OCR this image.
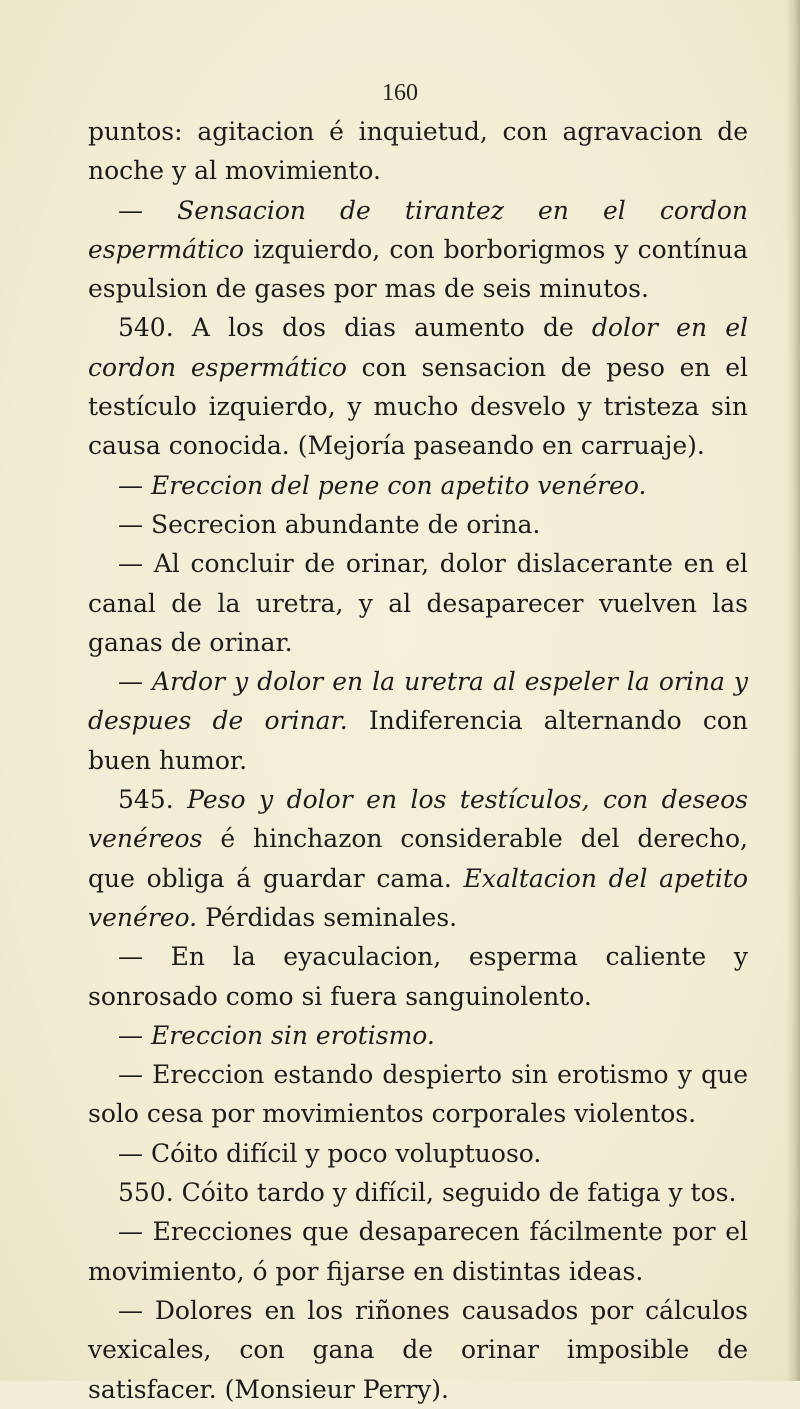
160

puntos: agitacion é inquietud, con agravacion de noche y al movimiento.

— Sensacion de tirantez en el cordon espermático izquierdo, con borborigmos y contínua espulsion de gases por mas de seis minutos.

540. A los dos dias aumento de dolor en el cordon espermático con sensacion de peso en el testículo izquierdo, y mucho desvelo y tristeza sin causa conocida. (Mejoría paseando en carruaje).

— Ereccion del pene con apetito venéreo.

— Secrecion abundante de orina.

— Al concluir de orinar, dolor dislacerante en el canal de la uretra, y al desaparecer vuelven las ganas de orinar.

— Ardor y dolor en la uretra al espeler la orina y despues de orinar. Indiferencia alternando con buen humor.

545. Peso y dolor en los testículos, con deseos venéreos é hinchazon considerable del derecho, que obliga á guardar cama. Exaltacion del apetito venéreo. Pérdidas seminales.

— En la eyaculacion, esperma caliente y sonrosado como si fuera sanguinolento.

— Ereccion sin erotismo.

— Ereccion estando despierto sin erotismo y que solo cesa por movimientos corporales violentos.

— Cóito difícil y poco voluptuoso.

550. Cóito tardo y difícil, seguido de fatiga y tos.

— Erecciones que desaparecen fácilmente por el movimiento, ó por fijarse en distintas ideas.

— Dolores en los riñones causados por cálculos vexicales, con gana de orinar imposible de satisfacer. (Monsieur Perry).
